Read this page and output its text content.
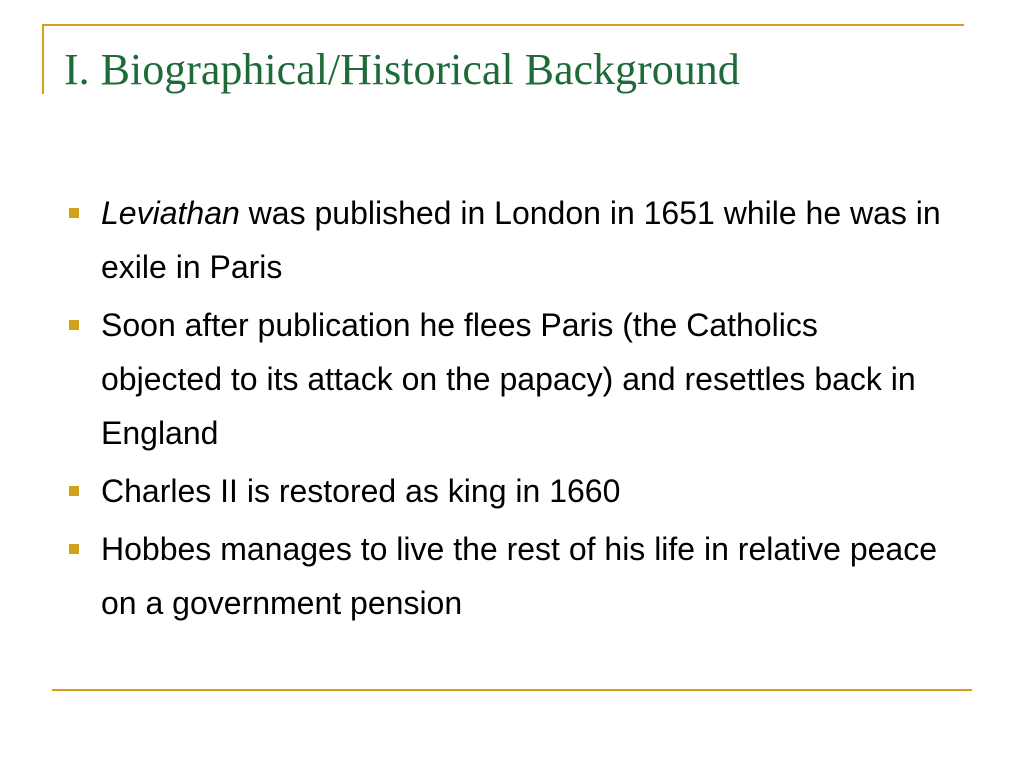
I. Biographical/Historical Background
Leviathan was published in London in 1651 while he was in exile in Paris
Soon after publication he flees Paris (the Catholics objected to its attack on the papacy) and resettles back in England
Charles II is restored as king in 1660
Hobbes manages to live the rest of his life in relative peace on a government pension
